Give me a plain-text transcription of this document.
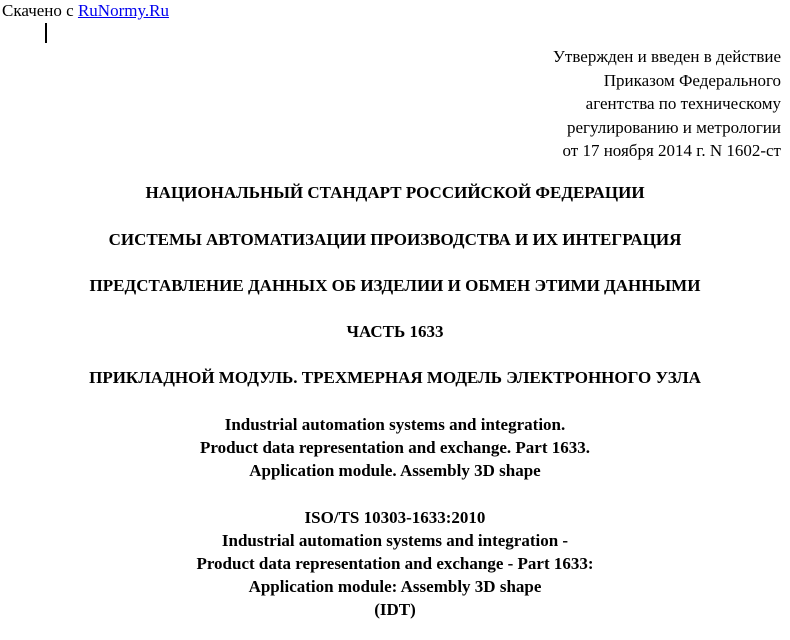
Скачено с RuNormy.Ru
Утвержден и введен в действие
Приказом Федерального
агентства по техническому
регулированию и метрологии
от 17 ноября 2014 г. N 1602-ст
НАЦИОНАЛЬНЫЙ СТАНДАРТ РОССИЙСКОЙ ФЕДЕРАЦИИ
СИСТЕМЫ АВТОМАТИЗАЦИИ ПРОИЗВОДСТВА И ИХ ИНТЕГРАЦИЯ
ПРЕДСТАВЛЕНИЕ ДАННЫХ ОБ ИЗДЕЛИИ И ОБМЕН ЭТИМИ ДАННЫМИ
ЧАСТЬ 1633
ПРИКЛАДНОЙ МОДУЛЬ. ТРЕХМЕРНАЯ МОДЕЛЬ ЭЛЕКТРОННОГО УЗЛА
Industrial automation systems and integration.
Product data representation and exchange. Part 1633.
Application module. Assembly 3D shape
ISO/TS 10303-1633:2010
Industrial automation systems and integration -
Product data representation and exchange - Part 1633:
Application module: Assembly 3D shape
(IDT)
